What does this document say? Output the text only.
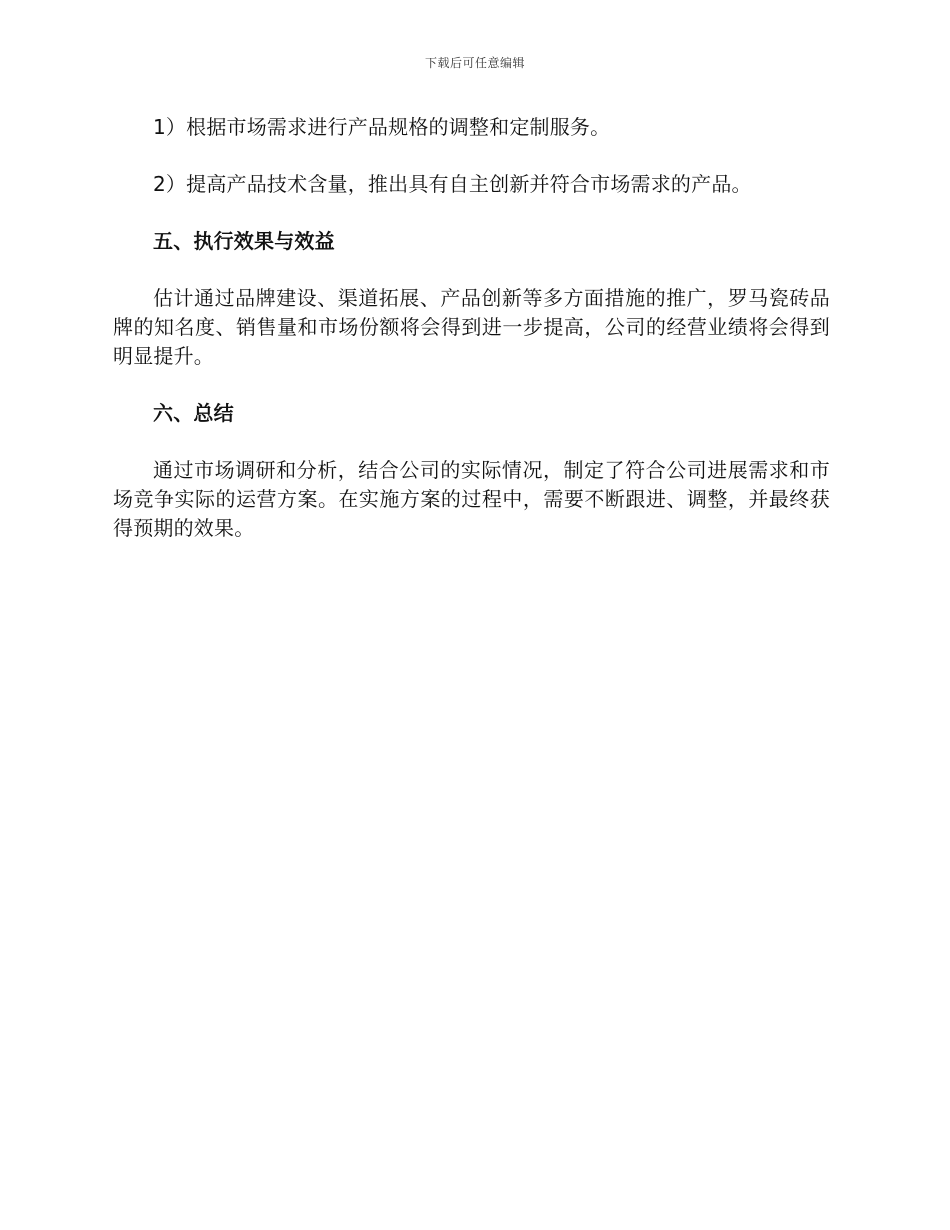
下载后可任意编辑

1）根据市场需求进行产品规格的调整和定制服务。

2）提高产品技术含量，推出具有自主创新并符合市场需求的产品。

五、执行效果与效益

估计通过品牌建设、渠道拓展、产品创新等多方面措施的推广，罗马瓷砖品牌的知名度、销售量和市场份额将会得到进一步提高，公司的经营业绩将会得到明显提升。

六、总结

通过市场调研和分析，结合公司的实际情况，制定了符合公司进展需求和市场竞争实际的运营方案。在实施方案的过程中，需要不断跟进、调整，并最终获得预期的效果。
